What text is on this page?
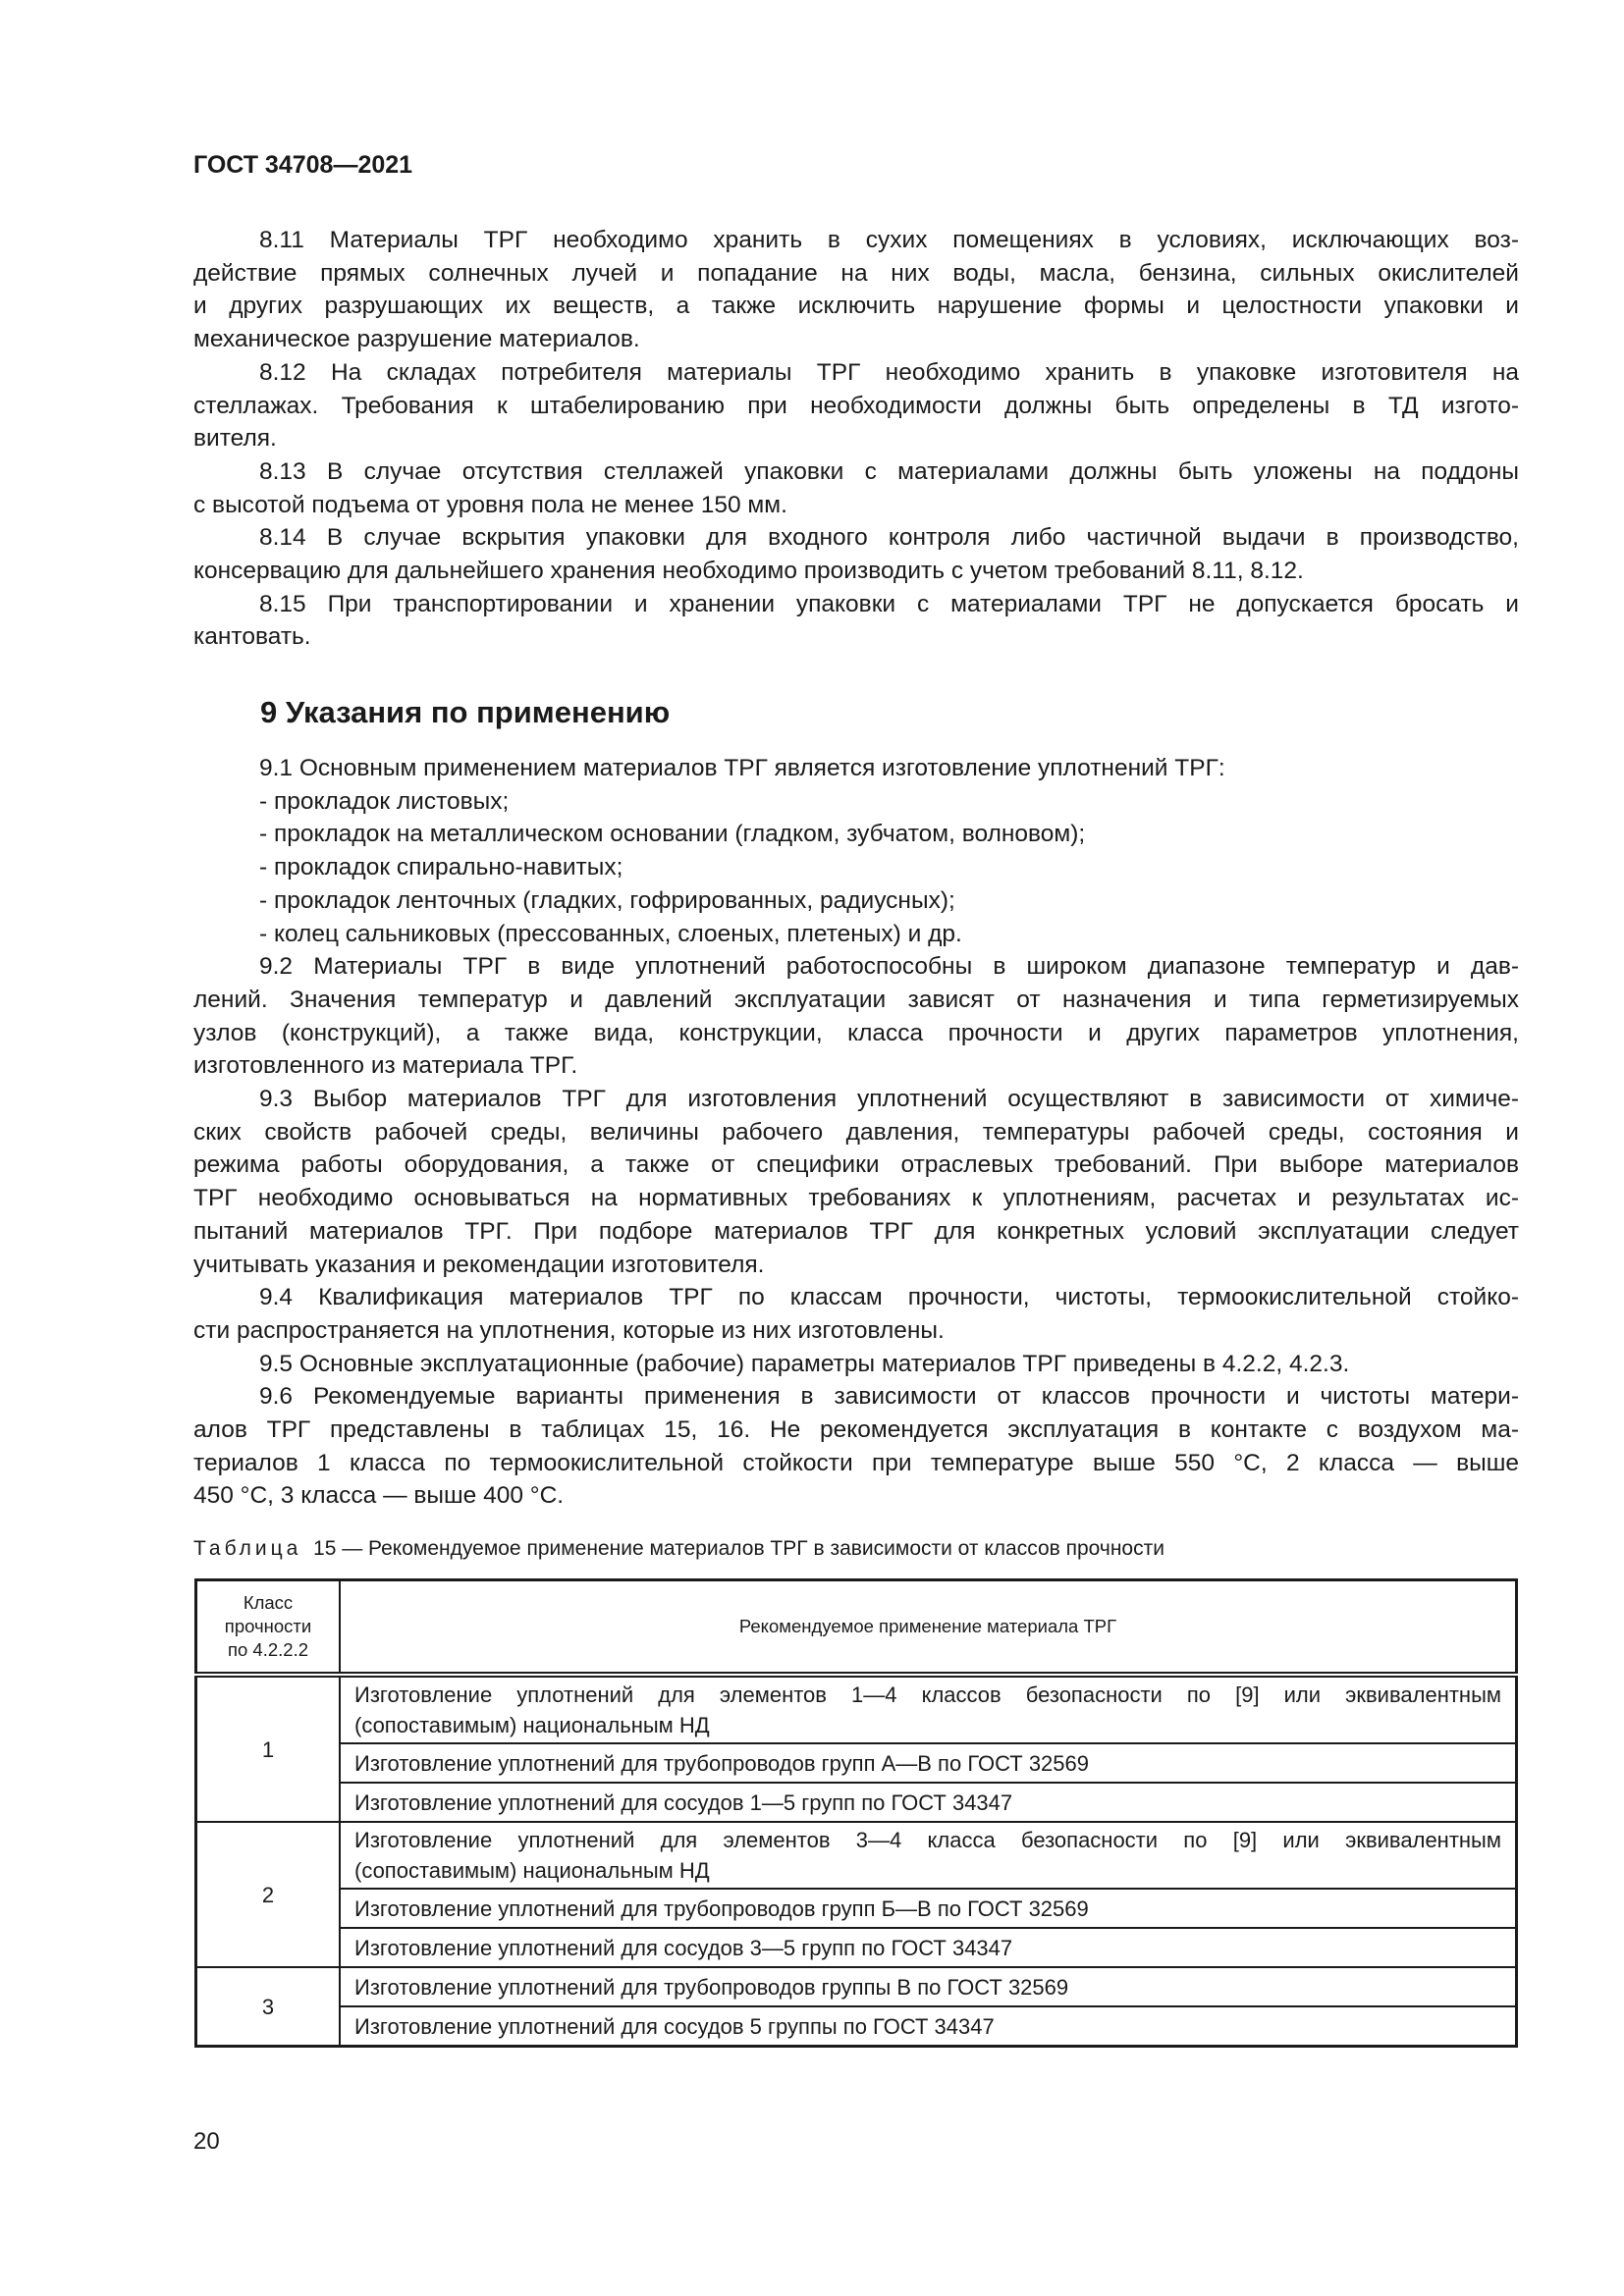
ГОСТ 34708—2021
8.11 Материалы ТРГ необходимо хранить в сухих помещениях в условиях, исключающих воз-
действие прямых солнечных лучей и попадание на них воды, масла, бензина, сильных окислителей
и других разрушающих их веществ, а также исключить нарушение формы и целостности упаковки и
механическое разрушение материалов.
8.12 На складах потребителя материалы ТРГ необходимо хранить в упаковке изготовителя на
стеллажах. Требования к штабелированию при необходимости должны быть определены в ТД изгото-
вителя.
8.13 В случае отсутствия стеллажей упаковки с материалами должны быть уложены на поддоны
с высотой подъема от уровня пола не менее 150 мм.
8.14 В случае вскрытия упаковки для входного контроля либо частичной выдачи в производство,
консервацию для дальнейшего хранения необходимо производить с учетом требований 8.11, 8.12.
8.15 При транспортировании и хранении упаковки с материалами ТРГ не допускается бросать и
кантовать.
9 Указания по применению
9.1 Основным применением материалов ТРГ является изготовление уплотнений ТРГ:
- прокладок листовых;
- прокладок на металлическом основании (гладком, зубчатом, волновом);
- прокладок спирально-навитых;
- прокладок ленточных (гладких, гофрированных, радиусных);
- колец сальниковых (прессованных, слоеных, плетеных) и др.
9.2 Материалы ТРГ в виде уплотнений работоспособны в широком диапазоне температур и дав-
лений. Значения температур и давлений эксплуатации зависят от назначения и типа герметизируемых
узлов (конструкций), а также вида, конструкции, класса прочности и других параметров уплотнения,
изготовленного из материала ТРГ.
9.3 Выбор материалов ТРГ для изготовления уплотнений осуществляют в зависимости от химиче-
ских свойств рабочей среды, величины рабочего давления, температуры рабочей среды, состояния и
режима работы оборудования, а также от специфики отраслевых требований. При выборе материалов
ТРГ необходимо основываться на нормативных требованиях к уплотнениям, расчетах и результатах ис-
пытаний материалов ТРГ. При подборе материалов ТРГ для конкретных условий эксплуатации следует
учитывать указания и рекомендации изготовителя.
9.4 Квалификация материалов ТРГ по классам прочности, чистоты, термоокислительной стойко-
сти распространяется на уплотнения, которые из них изготовлены.
9.5 Основные эксплуатационные (рабочие) параметры материалов ТРГ приведены в 4.2.2, 4.2.3.
9.6 Рекомендуемые варианты применения в зависимости от классов прочности и чистоты матери-
алов ТРГ представлены в таблицах 15, 16. Не рекомендуется эксплуатация в контакте с воздухом ма-
териалов 1 класса по термоокислительной стойкости при температуре выше 550 °С, 2 класса — выше
450 °С, 3 класса — выше 400 °С.
Таблица 15 — Рекомендуемое применение материалов ТРГ в зависимости от классов прочности
Класс
прочности
по 4.2.2.2	Рекомендуемое применение материала ТРГ
1	Изготовление уплотнений для элементов 1—4 классов безопасности по [9] или эквивалентным
(сопоставимым) национальным НД

	Изготовление уплотнений для трубопроводов групп А—В по ГОСТ 32569

	Изготовление уплотнений для сосудов 1—5 групп по ГОСТ 34347

2	Изготовление уплотнений для элементов 3—4 класса безопасности по [9] или эквивалентным
(сопоставимым) национальным НД

	Изготовление уплотнений для трубопроводов групп Б—В по ГОСТ 32569

	Изготовление уплотнений для сосудов 3—5 групп по ГОСТ 34347

3	Изготовление уплотнений для трубопроводов группы В по ГОСТ 32569

	Изготовление уплотнений для сосудов 5 группы по ГОСТ 34347
20
